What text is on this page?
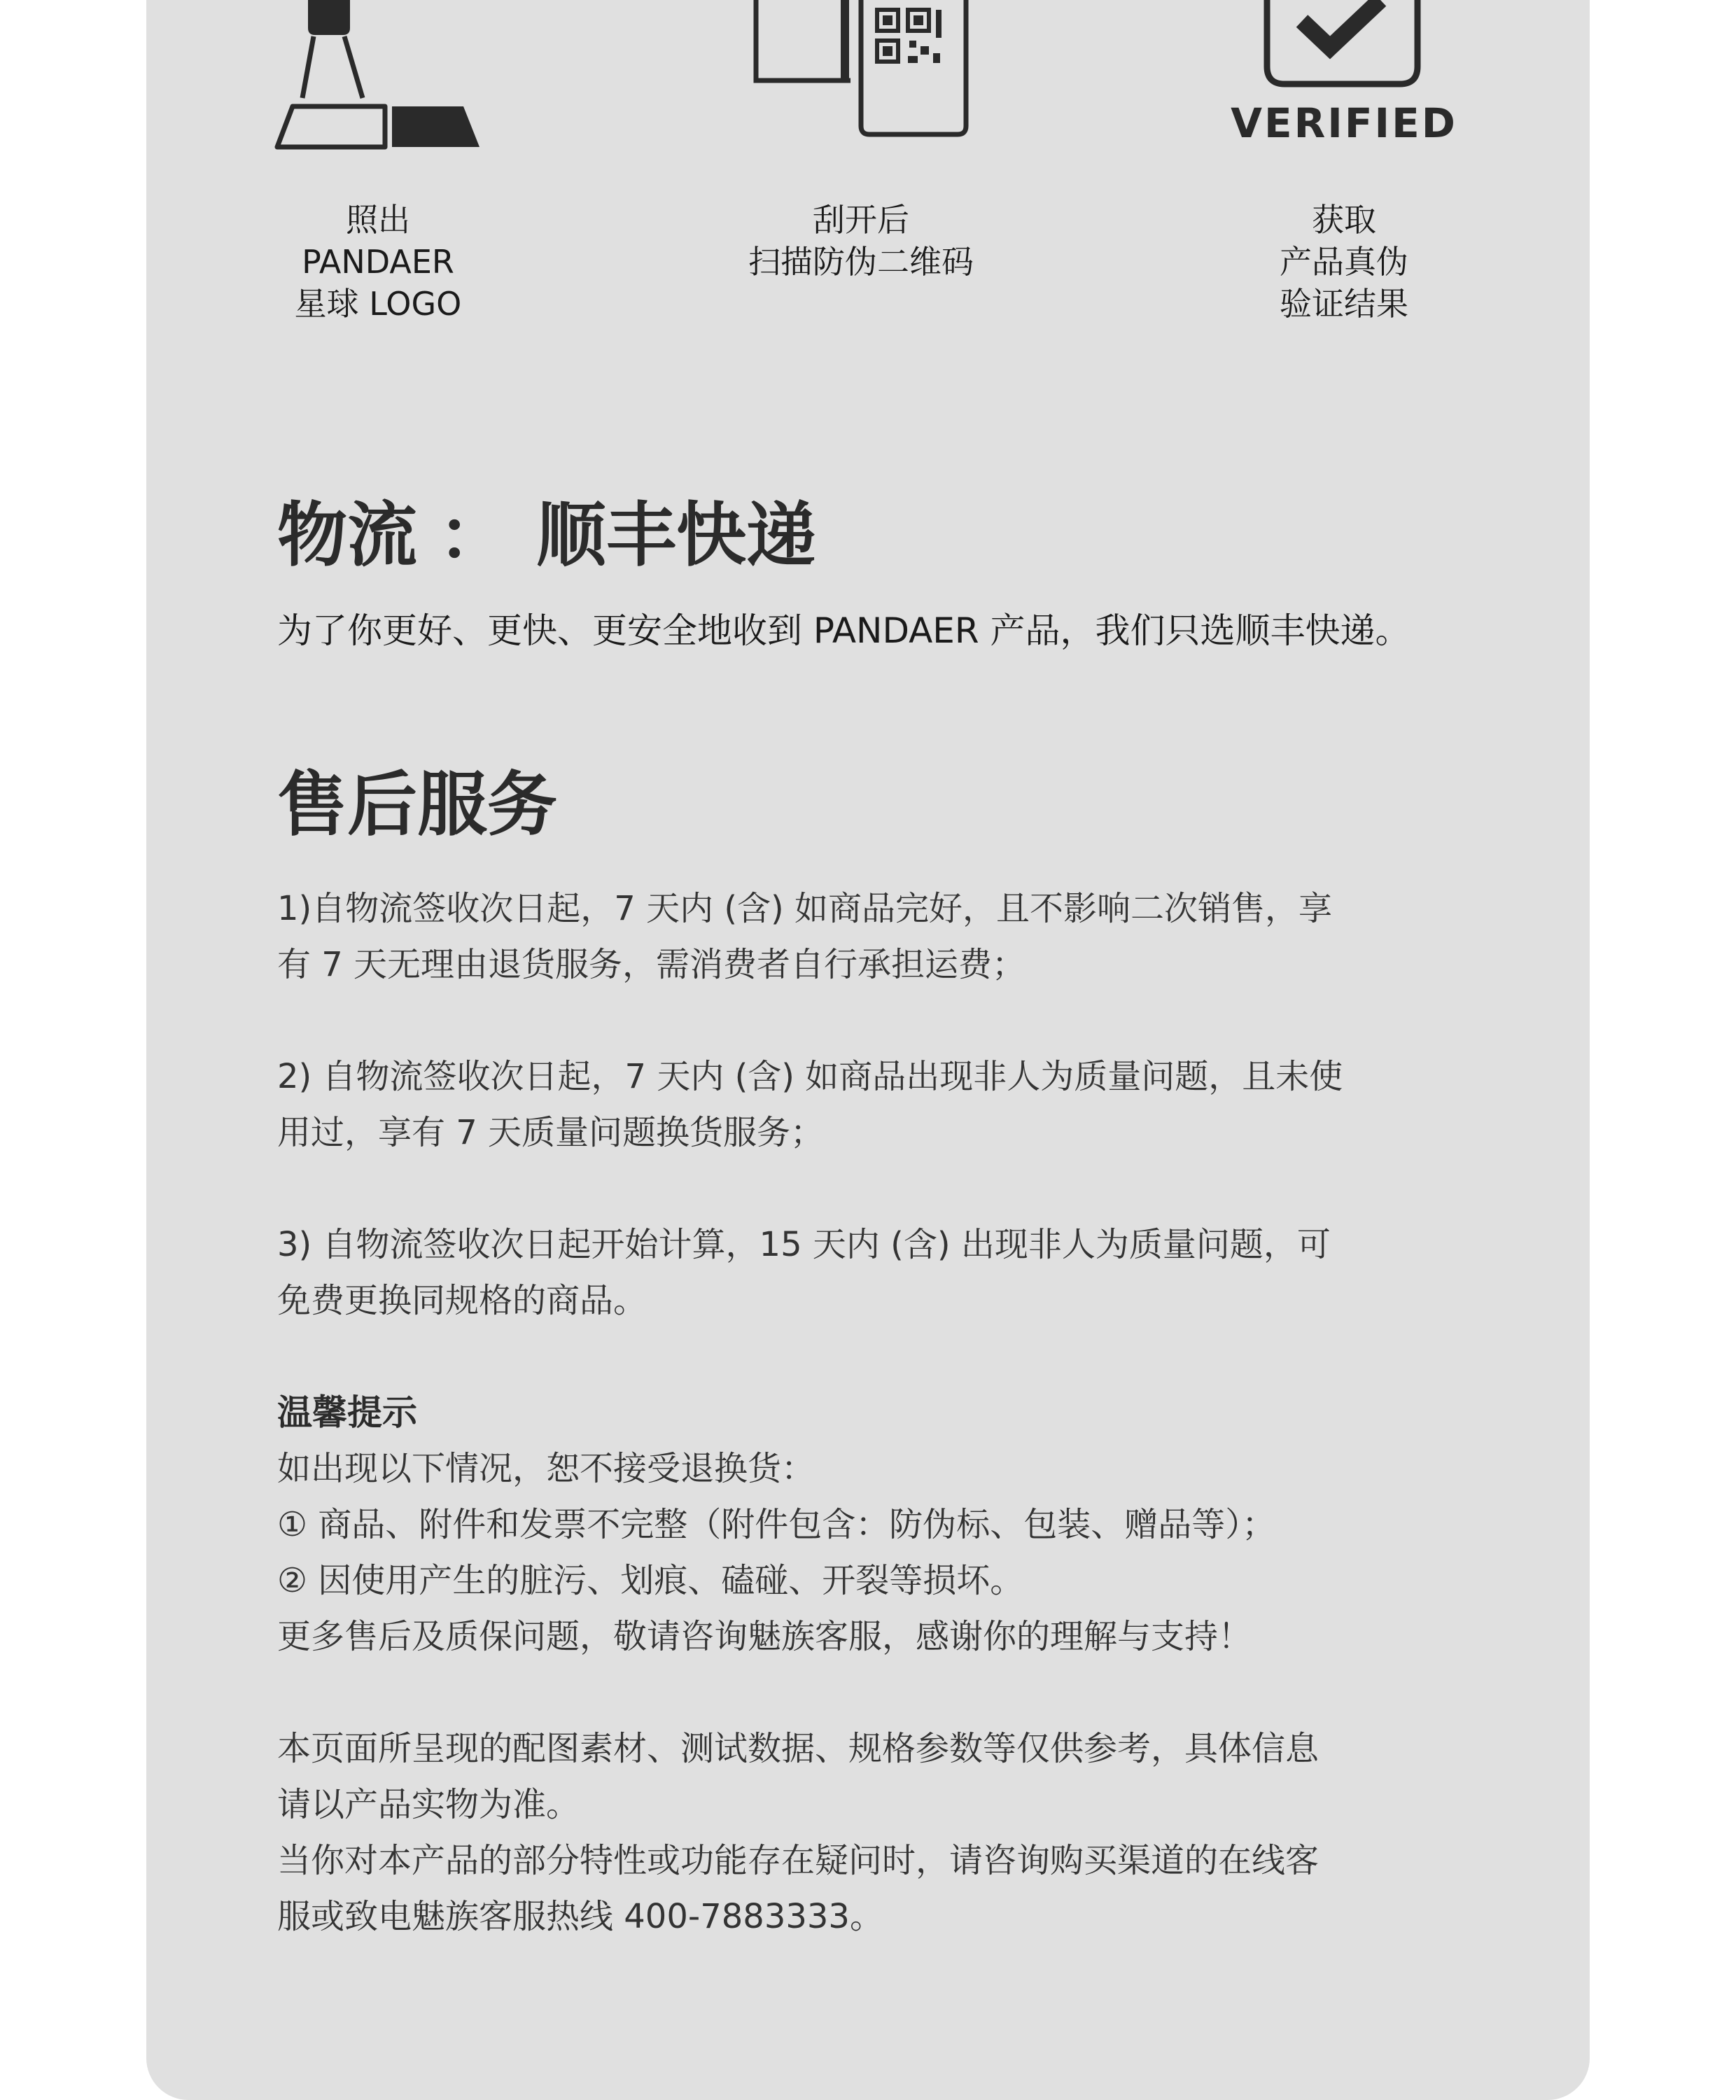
照出
PANDAER
星球 LOGO
刮开后
扫描防伪二维码
VERIFIED
获取
产品真伪
验证结果
物流 ： 顺丰快递
为了你更好、更快、更安全地收到 PANDAER 产品，我们只选顺丰快递。
售后服务
1)自物流签收次日起，7 天内 (含) 如商品完好，且不影响二次销售，享
有 7 天无理由退货服务，需消费者自行承担运费；
2) 自物流签收次日起，7 天内 (含) 如商品出现非人为质量问题，且未使
用过，享有 7 天质量问题换货服务；
3) 自物流签收次日起开始计算，15 天内 (含) 出现非人为质量问题，可
免费更换同规格的商品。
温馨提示
如出现以下情况，恕不接受退换货：
① 商品、附件和发票不完整（附件包含：防伪标、包装、赠品等）；
② 因使用产生的脏污、划痕、磕碰、开裂等损坏。
更多售后及质保问题，敬请咨询魅族客服，感谢你的理解与支持！
本页面所呈现的配图素材、测试数据、规格参数等仅供参考，具体信息
请以产品实物为准。
当你对本产品的部分特性或功能存在疑问时，请咨询购买渠道的在线客
服或致电魅族客服热线 400-7883333。
